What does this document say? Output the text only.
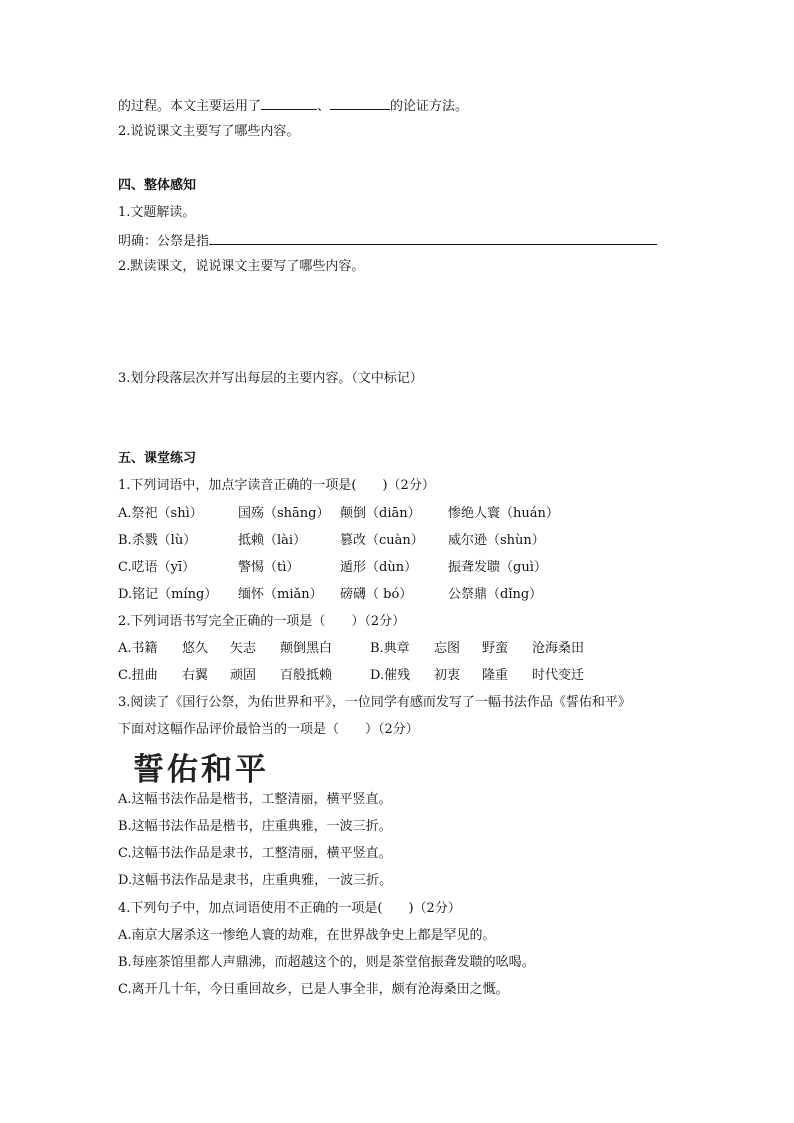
的过程。本文主要运用了	、	的论证方法。
2.说说课文主要写了哪些内容。
四、整体感知
1.文题解读。
明确：公祭是指
2.默读课文，说说课文主要写了哪些内容。
3.划分段落层次并写出每层的主要内容。（文中标记）
五、课堂练习
1.下列词语中，加点字读音正确的一项是(　　)（2分）
A.祭祀（shì）	国殇（shāng） 颠倒（diān） 惨绝人寰（huán）
B.杀戮（lù）	抵赖（lài）	篡改（cuàn） 威尔逊（shùn）
C.呓语（yī）	警惕（tì）	遁形（dùn） 振聋发聩（guì）
D.铭记（míng） 缅怀（miǎn） 磅礴（ bó）	公祭鼎（dǐng）
2.下列词语书写完全正确的一项是（　　）（2分）
A.书籍 悠久 矢志 颠倒黑白	B.典章 忘图 野蛮 沧海桑田
C.扭曲 右翼 顽固 百般抵赖	D.催残 初衷 隆重 时代变迁
3.阅读了《国行公祭，为佑世界和平》，一位同学有感而发写了一幅书法作品《誓佑和平》
下面对这幅作品评价最恰当的一项是（　　）（2分）
誓佑和平
A.这幅书法作品是楷书，工整清丽，横平竖直。
B.这幅书法作品是楷书，庄重典雅，一波三折。
C.这幅书法作品是隶书，工整清丽，横平竖直。
D.这幅书法作品是隶书，庄重典雅，一波三折。
4.下列句子中，加点词语使用不正确的一项是(　　)（2分）
A.南京大屠杀这一惨绝人寰的劫难，在世界战争史上都是罕见的。
B.每座茶馆里都人声鼎沸，而超越这个的，则是茶堂倌振聋发聩的吆喝。
C.离开几十年，今日重回故乡，已是人事全非，颇有沧海桑田之慨。
